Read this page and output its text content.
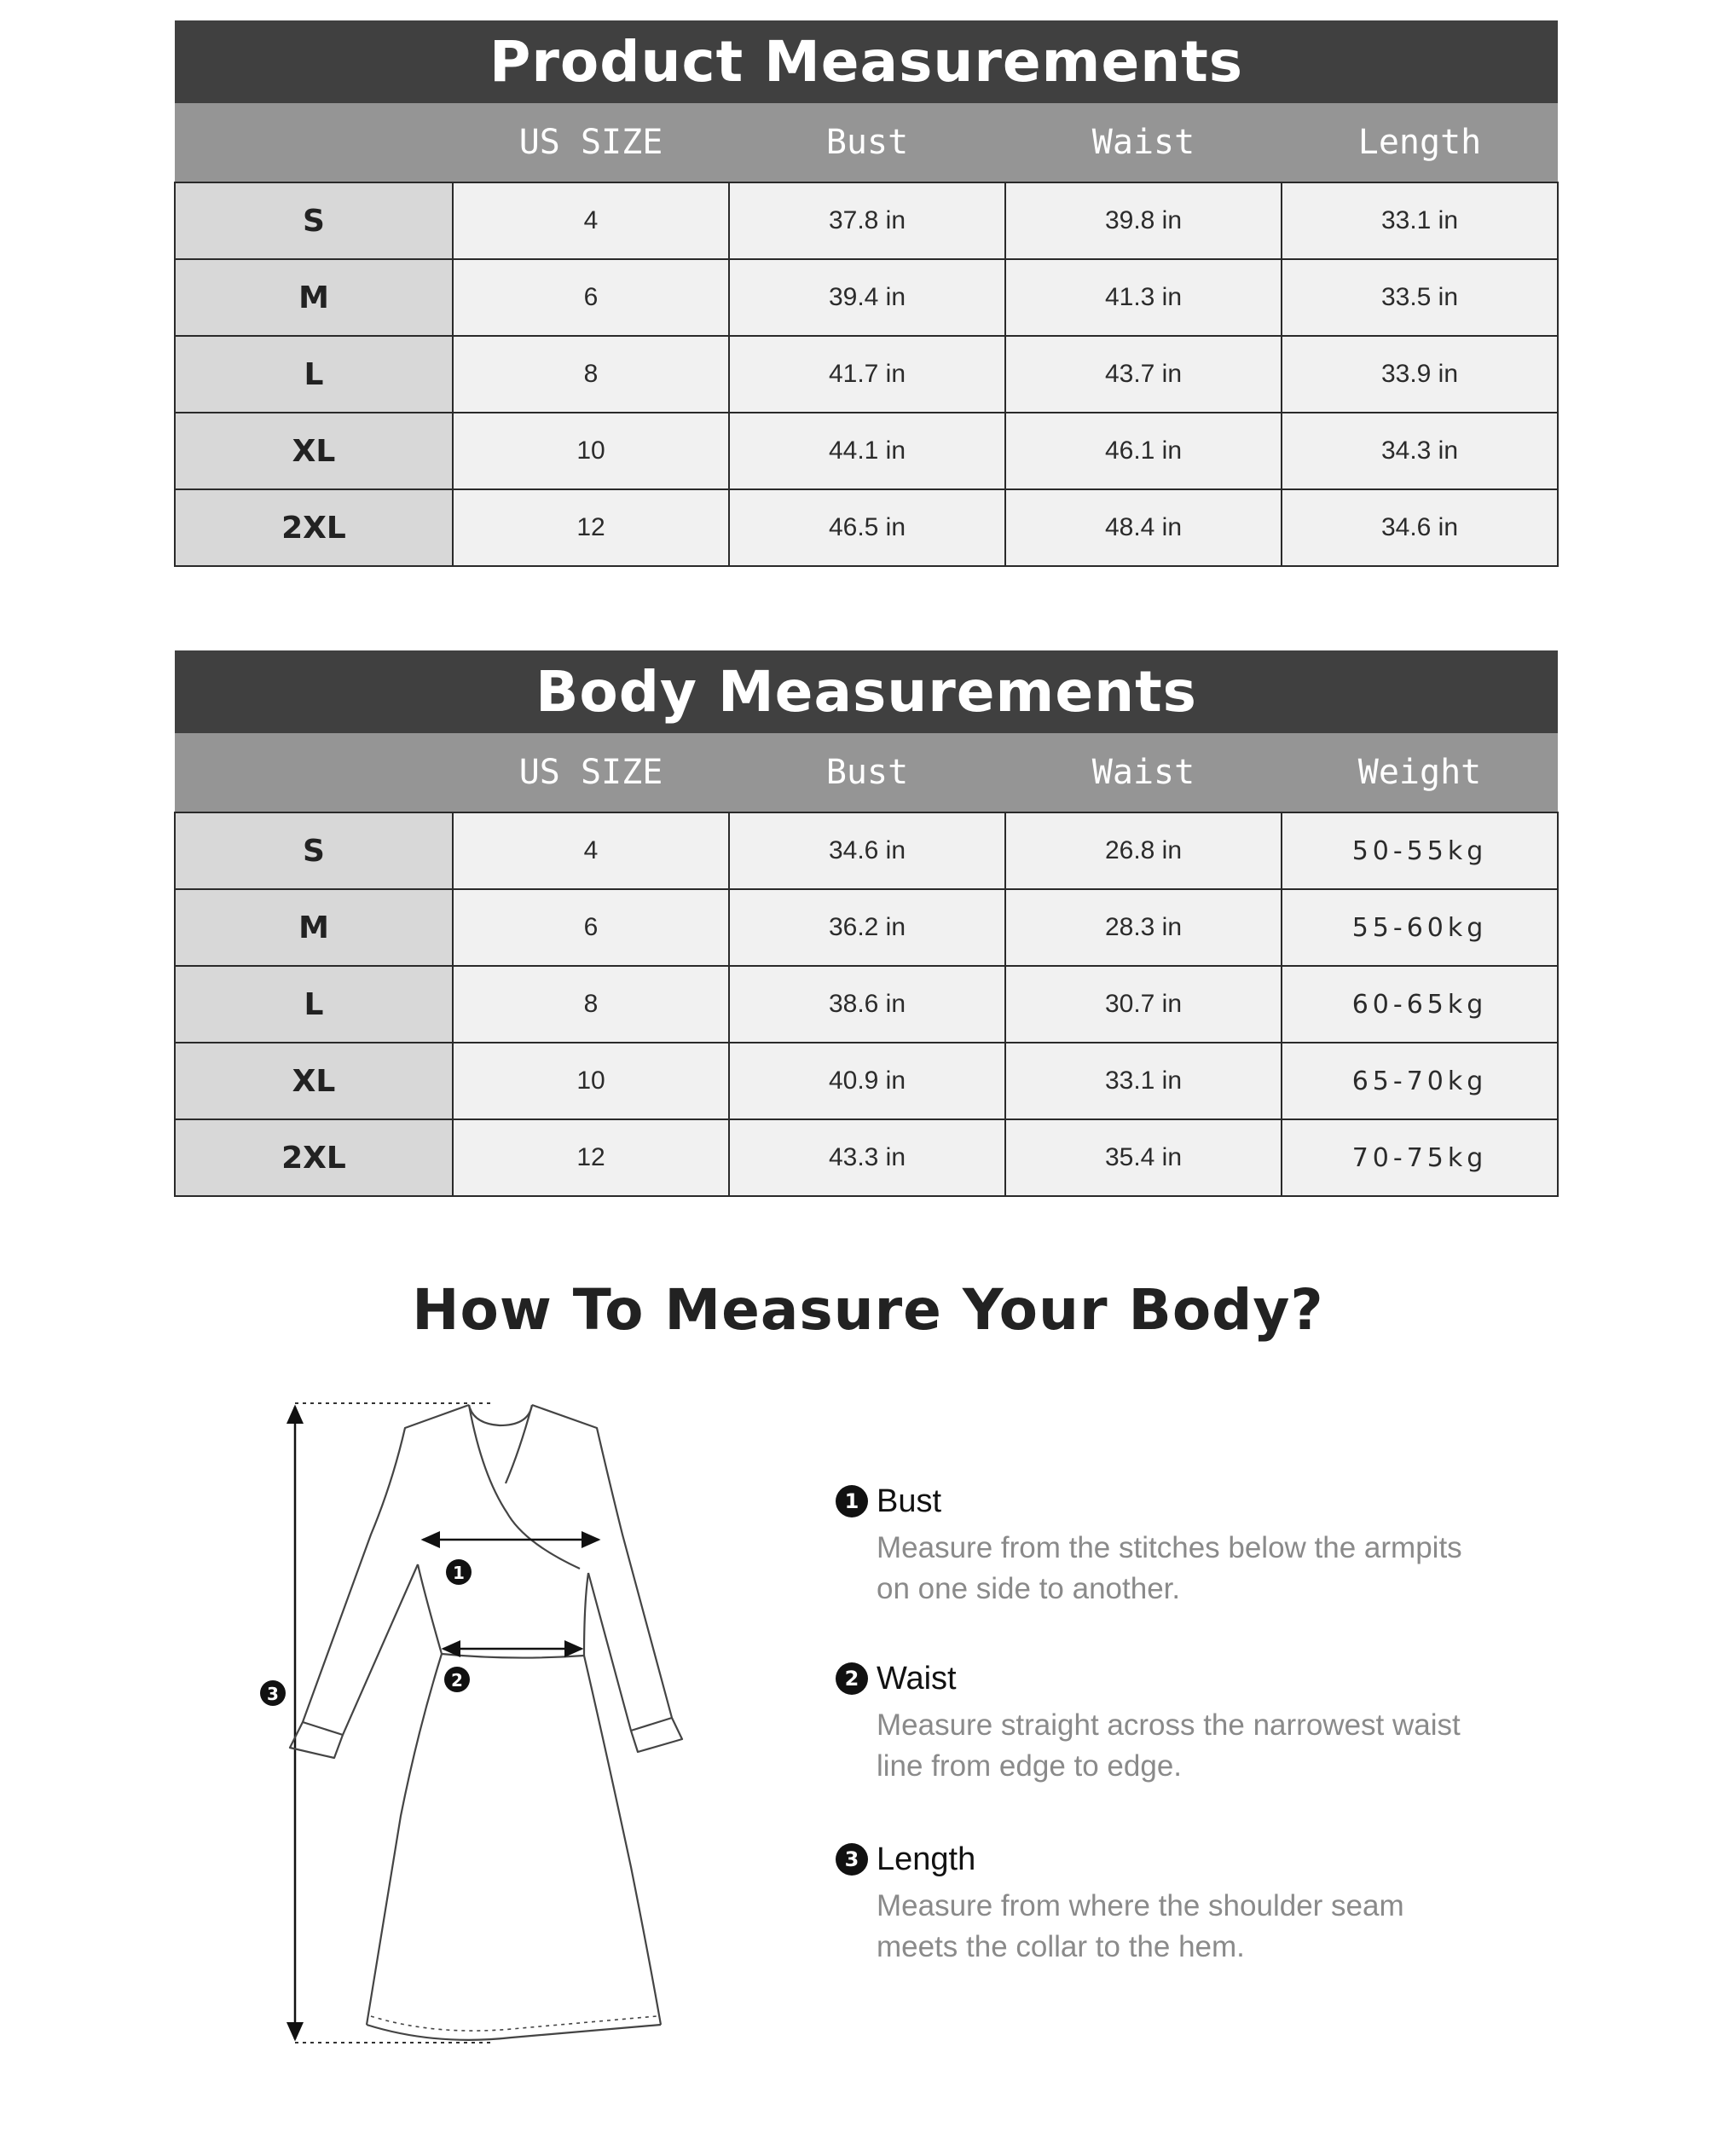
Product Measurements				
	US SIZE	Bust	Waist	Length
S	4	37.8 in	39.8 in	33.1 in
M	6	39.4 in	41.3 in	33.5 in
L	8	41.7 in	43.7 in	33.9 in
XL	10	44.1 in	46.1 in	34.3 in
2XL	12	46.5 in	48.4 in	34.6 in
Body Measurements				
	US SIZE	Bust	Waist	Weight
S	4	34.6 in	26.8 in	50-55kg
M	6	36.2 in	28.3 in	55-60kg
L	8	38.6 in	30.7 in	60-65kg
XL	10	40.9 in	33.1 in	65-70kg
2XL	12	43.3 in	35.4 in	70-75kg
How To Measure Your Body?
1
2
3
1 Bust
Measure from the stitches below the armpits
on one side to another.
2 Waist
Measure straight across the narrowest waist
line from edge to edge.
3 Length
Measure from where the shoulder seam
meets the collar to the hem.
